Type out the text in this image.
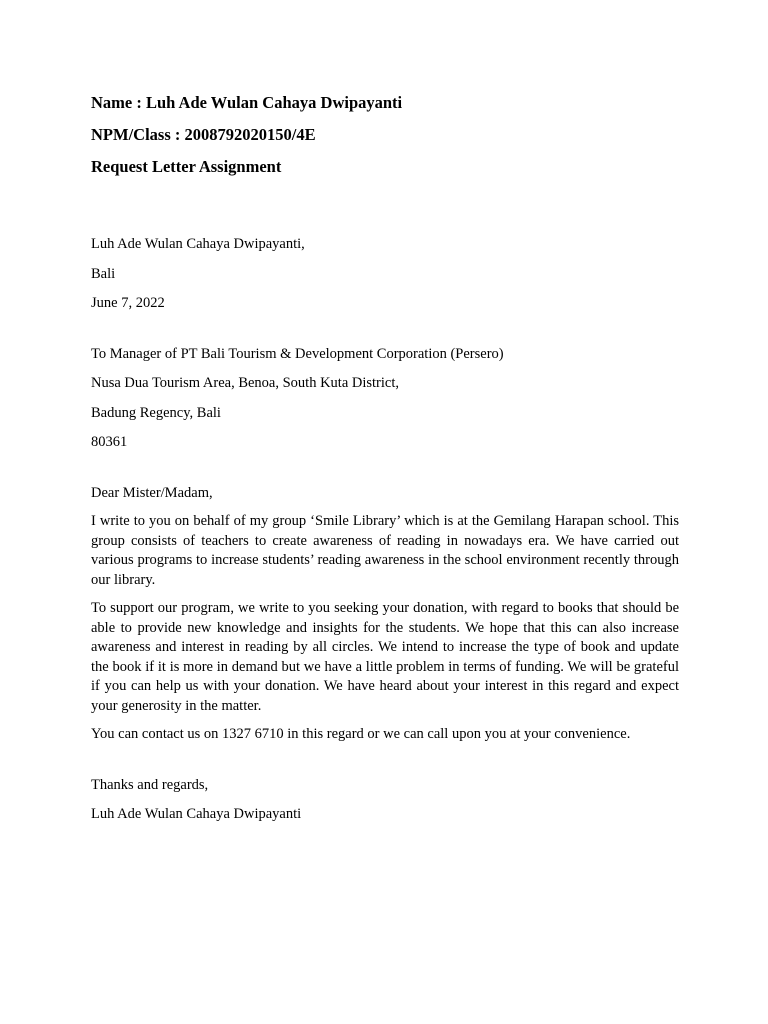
Name : Luh Ade Wulan Cahaya Dwipayanti
NPM/Class : 2008792020150/4E
Request Letter Assignment
Luh Ade Wulan Cahaya Dwipayanti,
Bali
June 7, 2022
To Manager of PT Bali Tourism & Development Corporation (Persero)
Nusa Dua Tourism Area, Benoa, South Kuta District,
Badung Regency, Bali
80361
Dear Mister/Madam,

I write to you on behalf of my group ‘Smile Library’ which is at the Gemilang Harapan school. This group consists of teachers to create awareness of reading in nowadays era. We have carried out various programs to increase students’ reading awareness in the school environment recently through our library.

To support our program, we write to you seeking your donation, with regard to books that should be able to provide new knowledge and insights for the students. We hope that this can also increase awareness and interest in reading by all circles. We intend to increase the type of book and update the book if it is more in demand but we have a little problem in terms of funding. We will be grateful if you can help us with your donation. We have heard about your interest in this regard and expect your generosity in the matter.

You can contact us on 1327 6710 in this regard or we can call upon you at your convenience.

Thanks and regards,
Luh Ade Wulan Cahaya Dwipayanti
